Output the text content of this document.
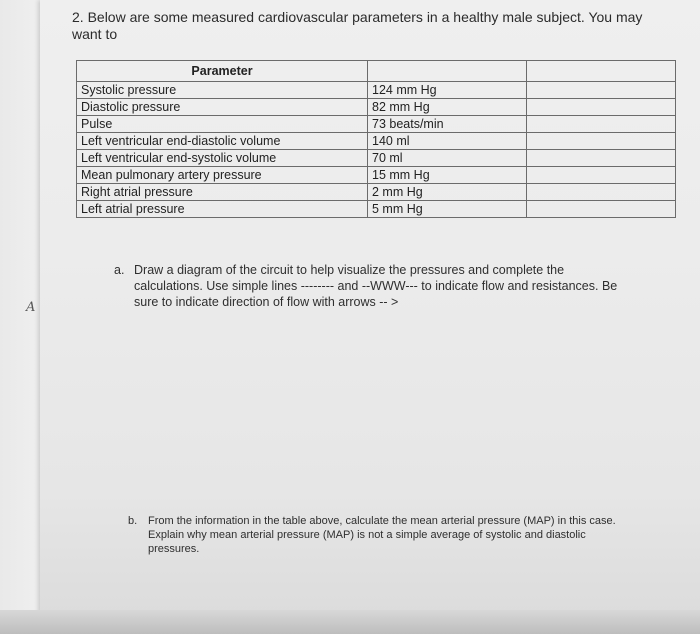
2. Below are some measured cardiovascular parameters in a healthy male subject. You may want to
Parameter		
Systolic pressure	124 mm Hg	
Diastolic pressure	82 mm Hg	
Pulse	73 beats/min	
Left ventricular end-diastolic volume	140 ml	
Left ventricular end-systolic volume	70 ml	
Mean pulmonary artery pressure	15 mm Hg	
Right atrial pressure	2 mm Hg	
Left atrial pressure	5 mm Hg	
a. Draw a diagram of the circuit to help visualize the pressures and complete the calculations. Use simple lines -------- and --WWW--- to indicate flow and resistances. Be sure to indicate direction of flow with arrows -- >
b. From the information in the table above, calculate the mean arterial pressure (MAP) in this case. Explain why mean arterial pressure (MAP) is not a simple average of systolic and diastolic pressures.
A
